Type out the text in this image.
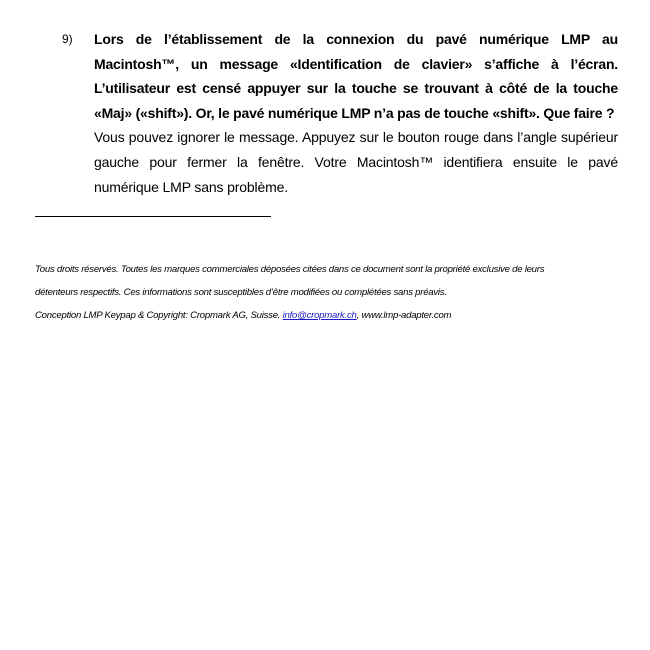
9) Lors de l’établissement de la connexion du pavé numérique LMP au Macintosh™, un message «Identification de clavier» s’affiche à l’écran. L’utilisateur est censé appuyer sur la touche se trouvant à côté de la touche «Maj» («shift»). Or, le pavé numérique LMP n’a pas de touche «shift». Que faire ?
Vous pouvez ignorer le message. Appuyez sur le bouton rouge dans l’angle supérieur gauche pour fermer la fenêtre. Votre Macintosh™ identifiera ensuite le pavé numérique LMP sans problème.
Tous droits réservés. Toutes les marques commerciales déposées citées dans ce document sont la propriété exclusive de leurs
détenteurs respectifs. Ces informations sont susceptibles d’être modifiées ou complétées sans préavis.
Conception LMP Keypap & Copyright: Cropmark AG, Suisse. info@cropmark.ch, www.lmp-adapter.com
